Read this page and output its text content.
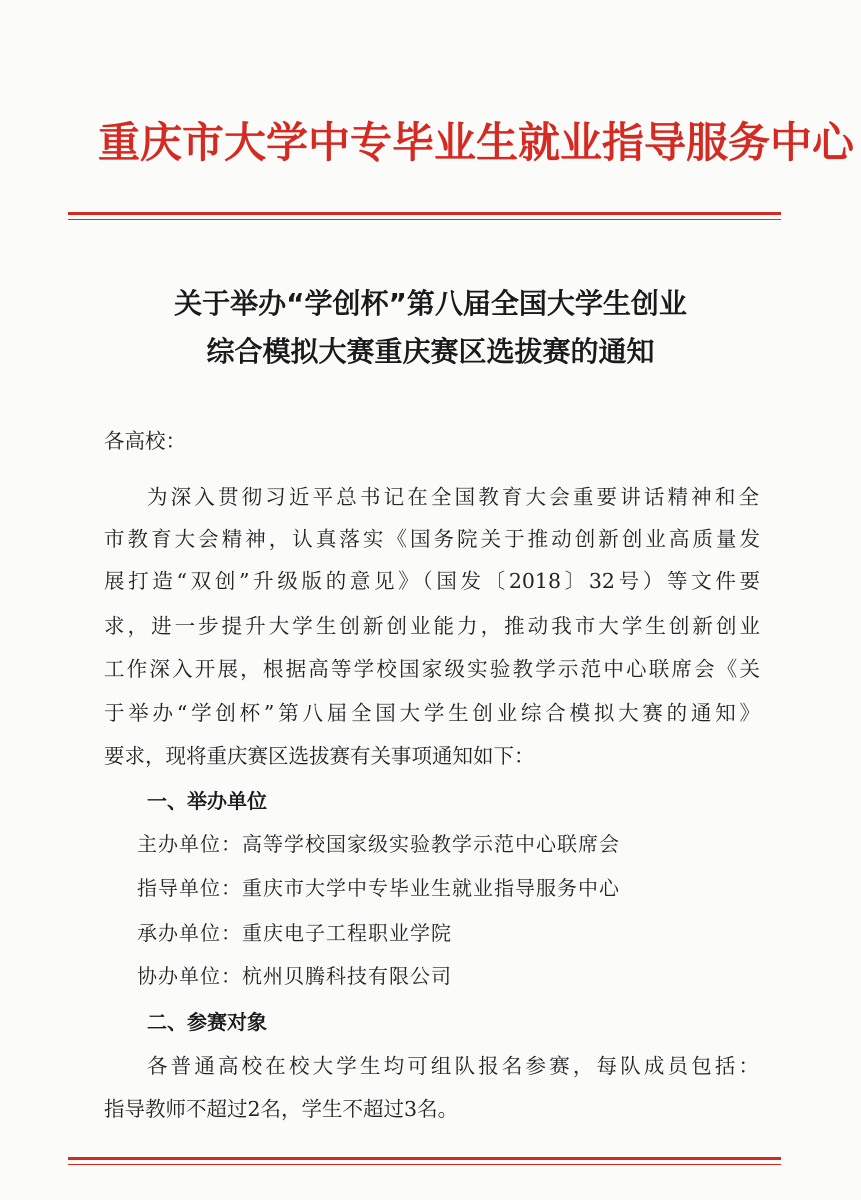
重庆市大学中专毕业生就业指导服务中心
关于举办“学创杯”第八届全国大学生创业
综合模拟大赛重庆赛区选拔赛的通知
各高校：
为深入贯彻习近平总书记在全国教育大会重要讲话精神和全
市教育大会精神，认真落实《国务院关于推动创新创业高质量发
展打造“双创”升级版的意见》（国发〔2018〕32号）等文件要
求，进一步提升大学生创新创业能力，推动我市大学生创新创业
工作深入开展，根据高等学校国家级实验教学示范中心联席会《关
于举办“学创杯”第八届全国大学生创业综合模拟大赛的通知》
要求，现将重庆赛区选拔赛有关事项通知如下：
一、举办单位
主办单位：高等学校国家级实验教学示范中心联席会
指导单位：重庆市大学中专毕业生就业指导服务中心
承办单位：重庆电子工程职业学院
协办单位：杭州贝腾科技有限公司
二、参赛对象
各普通高校在校大学生均可组队报名参赛，每队成员包括：
指导教师不超过2名，学生不超过3名。
